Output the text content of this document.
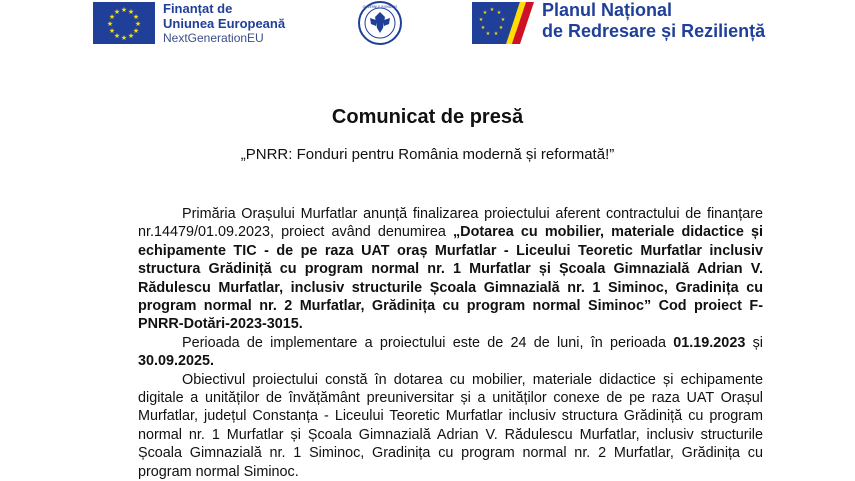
★ ★
★
★
★
★
★
★
★
★
★
★	Finanțat de
Uniunea Europeană
NextGenerationEU
GUVERNUL ROMÂNIEI	★ ★
★
★
★
★
★
★
★	Planul Național
de Redresare și Reziliență
Comunicat de presă
„PNRR: Fonduri pentru România modernă și reformată!”

Primăria Orașului Murfatlar anunță finalizarea proiectului aferent contractului de finanțare nr.14479/01.09.2023, proiect având denumirea „Dotarea cu mobilier, materiale didactice și echipamente TIC - de pe raza UAT oraș Murfatlar - Liceului Teoretic Murfatlar inclusiv structura Grădiniță cu program normal nr. 1 Murfatlar și Școala Gimnazială Adrian V. Rădulescu Murfatlar, inclusiv structurile Școala Gimnazială nr. 1 Siminoc, Gradinița cu program normal nr. 2 Murfatlar, Grădinița cu program normal Siminoc” Cod proiect F-PNRR-Dotări-2023-3015.

Perioada de implementare a proiectului este de 24 de luni, în perioada 01.19.2023 și 30.09.2025.

Obiectivul proiectului constă în dotarea cu mobilier, materiale didactice și echipamente digitale a unităților de învățământ preuniversitar și a unităților conexe de pe raza UAT Orașul Murfatlar, județul Constanța - Liceului Teoretic Murfatlar inclusiv structura Grădiniță cu program normal nr. 1 Murfatlar și Școala Gimnazială Adrian V. Rădulescu Murfatlar, inclusiv structurile Școala Gimnazială nr. 1 Siminoc, Gradinița cu program normal nr. 2 Murfatlar, Grădinița cu program normal Siminoc.
